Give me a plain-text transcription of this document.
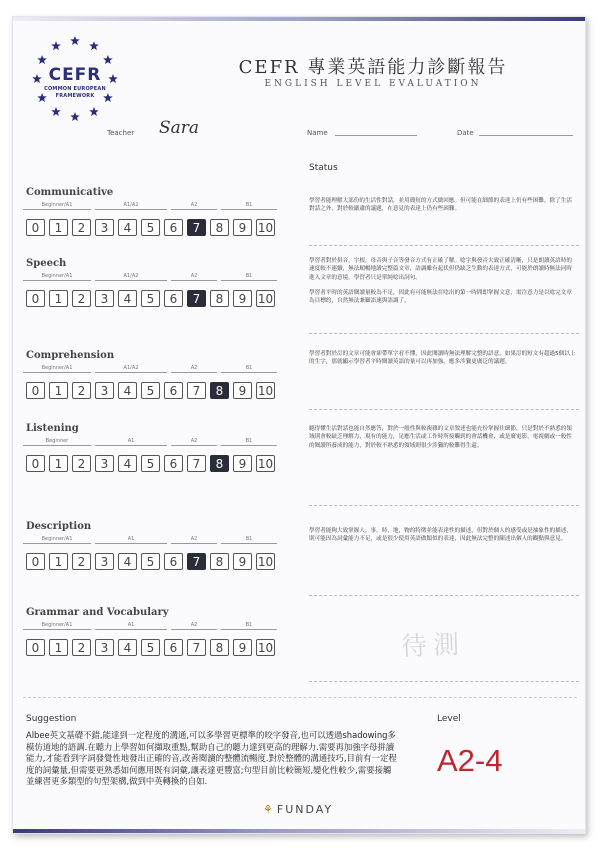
CEFR
COMMON EUROPEAN
FRAMEWORK
CEFR 專業英語能力診斷報告
ENGLISH LEVEL EVALUATION
Teacher Sara	Name	Date
Status
Communicative
Beginner/A1	A1/A2	A2	B1
0	1	2	3	4	5	6	7	8	9 10
學習者能理解大部份的生活性對話，並用簡短的方式做回應。但可能在細節的表達上仍有些困難，除了生活對話之外，對於較嚴肅的議題，在意見的表達上仍有些困難。
Speech
Beginner/A1	A1/A2	A2	B1
0	1	2	3	4	5	6	7	8	9 10
學習者對於拼音，字根，母音與子音等發音方式有正確了解。唸字與發音大致正確清晰，只是朗讀英語時的速度較不連續，無法順暢地讀完整篇文章，語調雖有起伏但仍缺乏生動的表達方式，可能於朗讀時無法同時進入文章的意境。學習者只是單純唸出詞句。
學習者平時的英語閱讀量較為不足，因此有可能無法在唸出的第一時間即掌握文意，需注意力是以唸完文章為目標的，自然無法兼顧語速與語調了。
Comprehension
Beginner/A1	A1/A2	A2	B1
0	1	2	3	4	5	6	7	8	9 10
學習者對於訂的文章可能會卻帶單字看不懂，因此閱讀時無法理解完整的語意。如果訂的短文有超過5個以上的生字，那就顯示學習者平時閱讀英語的量可以再加強，應多涉獵更廣泛的議題。
Listening
Beginner	A1	A2	B1
0	1	2	3	4	5	6	7	8	9 10
聽得懂生活對話也能自然應答，對於一般性與較複雜的文章敘述也能充份掌握住細節，只是對於不熟悉的領域則會較缺乏理解力，現有的能力，足應生活或工作時所接觸到的會話機會，或是廣電影，電視劇或一般性的閱讀所養成的能力，對於較不熟悉的領域則很少涉獵的較難得生還。
Description
Beginner/A1	A1	A2	B1
0	1	2	3	4	5	6	7	8	9 10
學習者能夠大致掌握人，事，時，地，物的特徵並能表達性的描述，但對於個人的感受或是抽象性的描述，則可能因為詞彙能力不足，或是很少使用英語做類似的表達，因此無法完整的陳述出個人的觀點與意見。
Grammar and Vocabulary
Beginner/A1	A1	A2	B1
0	1	2	3	4	5	6	7	8	9 10	待測
Suggestion
Albee英文基礎不錯,能達到一定程度的溝通,可以多學習更標準的咬字發音,也可以透過shadowing多模仿道地的語調.在聽力上學習如何擷取重點,幫助自己的聽力達到更高的理解力.需要再加強字母拼讀能力,才能看到字詞發覺性地發出正確的音,改善閱讀的整體流暢度.對於整體的溝通技巧,目前有一定程度的詞彙量,但需要更熟悉如何應用既有詞彙,讓表達更豐富;句型目前比較簡短,變化性較少,需要接觸並練習更多類型的句型架構,做到中英轉換的自如.
Level
A2-4
⚘ FUNDAY
